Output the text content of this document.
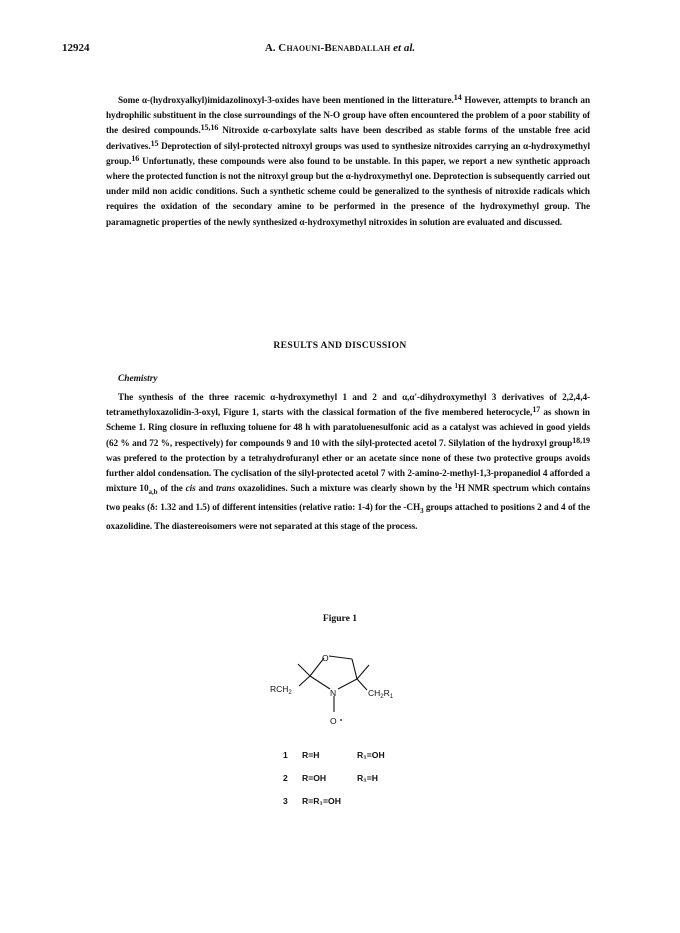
12924	A. Chaouni-Benabdallah et al.
Some α-(hydroxyalkyl)imidazolinoxyl-3-oxides have been mentioned in the litterature.$^{14}$ However, attempts to branch an hydrophilic substituent in the close surroundings of the N-O group have often encountered the problem of a poor stability of the desired compounds.$^{15,16}$ Nitroxide α-carboxylate salts have been described as stable forms of the unstable free acid derivatives.$^{15}$ Deprotection of silyl-protected nitroxyl groups was used to synthesize nitroxides carrying an α-hydroxymethyl group.$^{16}$ Unfortunatly, these compounds were also found to be unstable. In this paper, we report a new synthetic approach where the protected function is not the nitroxyl group but the α-hydroxymethyl one. Deprotection is subsequently carried out under mild non acidic conditions. Such a synthetic scheme could be generalized to the synthesis of nitroxide radicals which requires the oxidation of the secondary amine to be performed in the presence of the hydroxymethyl group. The paramagnetic properties of the newly synthesized α-hydroxymethyl nitroxides in solution are evaluated and discussed.
RESULTS AND DISCUSSION
Chemistry
The synthesis of the three racemic α-hydroxymethyl 1 and 2 and α,α'-dihydroxymethyl 3 derivatives of 2,2,4,4-tetramethyloxazolidin-3-oxyl, Figure 1, starts with the classical formation of the five membered heterocycle,$^{17}$ as shown in Scheme 1. Ring closure in refluxing toluene for 48 h with paratoluenesulfonic acid as a catalyst was achieved in good yields (62 % and 72 %, respectively) for compounds 9 and 10 with the silyl-protected acetol 7. Silylation of the hydroxyl group$^{18,19}$ was prefered to the protection by a tetrahydrofuranyl ether or an acetate since none of these two protective groups avoids further aldol condensation. The cyclisation of the silyl-protected acetol 7 with 2-amino-2-methyl-1,3-propanediol 4 afforded a mixture $10_{a,b}$ of the cis and trans oxazolidines. Such a mixture was clearly shown by the $^1$H NMR spectrum which contains two peaks (δ: 1.32 and 1.5) of different intensities (relative ratio: 1-4) for the $-CH_3$ groups attached to positions 2 and 4 of the oxazolidine. The diastereoisomers were not separated at this stage of the process.
Figure 1
O
N
O
$RCH_2$	$CH_2R_1$
1	R=H	R₁=OH
2	R=OH	R₁=H
3	R=R₁=OH
